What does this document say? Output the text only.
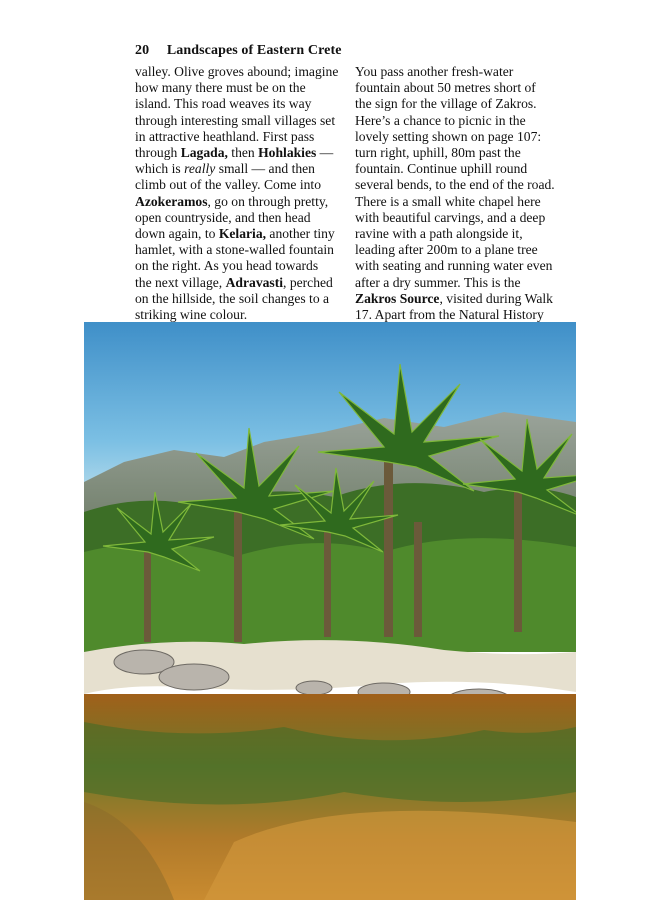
20 Landscapes of Eastern Crete

valley. Olive groves abound; imagine
how many there must be on the
island. This road weaves its way
through interesting small villages set
in attractive heathland. First pass
through Lagada, then Hohlakies —
which is really small — and then
climb out of the valley. Come into
Azokeramos, go on through pretty,
open countryside, and then head
down again, to Kelaria, another tiny
hamlet, with a stone-walled fountain
on the right. As you head towards
the next village, Adravasti, perched
on the hillside, the soil changes to a
striking wine colour.

You pass another fresh-water
fountain about 50 metres short of
the sign for the village of Zakros.
Here’s a chance to picnic in the
lovely setting shown on page 107:
turn right, uphill, 80m past the
fountain. Continue uphill round
several bends, to the end of the road.
There is a small white chapel here
with beautiful carvings, and a deep
ravine with a path alongside it,
leading after 200m to a plane tree
with seating and running water even
after a dry summer. This is the
Zakros Source, visited during Walk
17. Apart from the Natural History
